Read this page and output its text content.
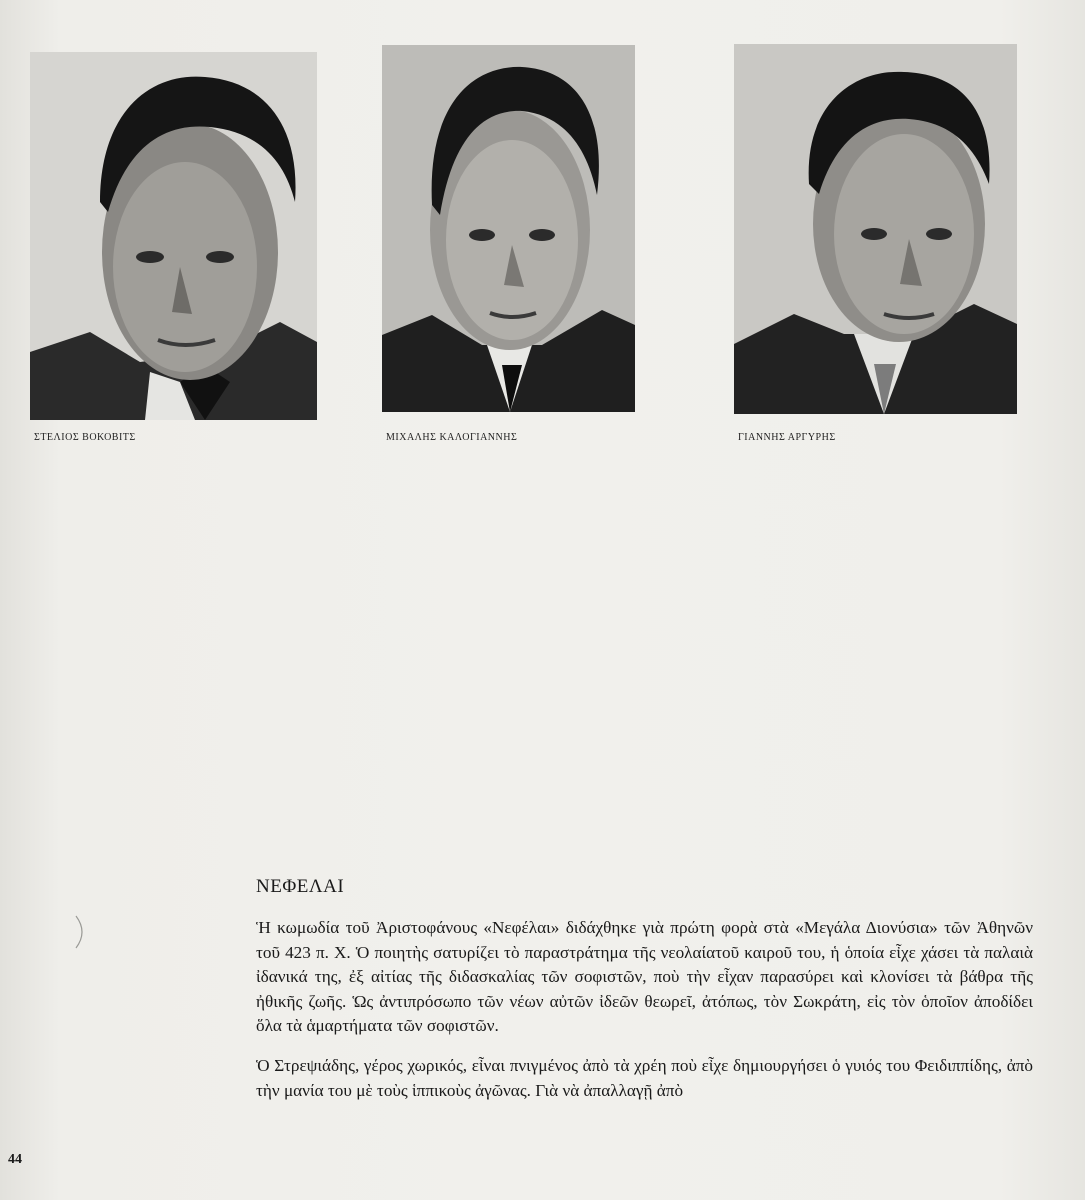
ΣΤΕΛΙΟΣ ΒΟΚΟΒΙΤΣ	ΜΙΧΑΛΗΣ ΚΑΛΟΓΙΑΝΝΗΣ	ΓΙΑΝΝΗΣ ΑΡΓΥΡΗΣ
ΝΕΦΕΛΑΙ

Ἡ κωμωδία τοῦ Ἀριστοφάνους «Νεφέλαι» διδάχθηκε γιὰ πρώτη φορὰ στὰ «Μεγάλα Διονύσια» τῶν Ἀθηνῶν τοῦ 423 π. Χ. Ὁ ποιητὴς σατυρίζει τὸ παραστράτημα τῆς νεολαίατοῦ καιροῦ του, ἡ ὁποία εἶχε χάσει τὰ παλαιὰ ἰδανικά της, ἐξ αἰτίας τῆς διδασκαλίας τῶν σοφιστῶν, ποὺ τὴν εἶχαν παρασύρει καὶ κλονίσει τὰ βάθρα τῆς ἠθικῆς ζωῆς. Ὡς ἀντιπρόσωπο τῶν νέων αὐτῶν ἰδεῶν θεωρεῖ, ἀτόπως, τὸν Σωκράτη, εἰς τὸν ὁποῖον ἀποδίδει ὅλα τὰ ἁμαρτήματα τῶν σοφιστῶν.

Ὁ Στρεψιάδης, γέρος χωρικός, εἶναι πνιγμένος ἀπὸ τὰ χρέη ποὺ εἶχε δημιουργήσει ὁ γυιός του Φειδιππίδης, ἀπὸ τὴν μανία του μὲ τοὺς ἱππικοὺς ἀγῶνας. Γιὰ νὰ ἀπαλλαγῇ ἀπὸ

44
